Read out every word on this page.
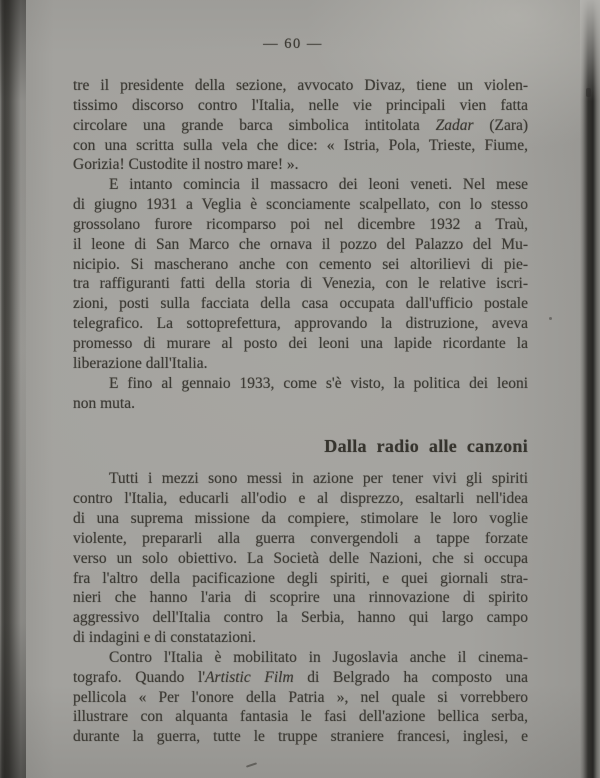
— 60 —
tre il presidente della sezione, avvocato Divaz, tiene un violen-
tissimo discorso contro l'Italia, nelle vie principali vien fatta
circolare una grande barca simbolica intitolata Zadar (Zara)
con una scritta sulla vela che dice: « Istria, Pola, Trieste, Fiume,
Gorizia! Custodite il nostro mare! ».
E intanto comincia il massacro dei leoni veneti. Nel mese
di giugno 1931 a Veglia è sconciamente scalpellato, con lo stesso
grossolano furore ricomparso poi nel dicembre 1932 a Traù,
il leone di San Marco che ornava il pozzo del Palazzo del Mu-
nicipio. Si mascherano anche con cemento sei altorilievi di pie-
tra raffiguranti fatti della storia di Venezia, con le relative iscri-
zioni, posti sulla facciata della casa occupata dall'ufficio postale
telegrafico. La sottoprefettura, approvando la distruzione, aveva
promesso di murare al posto dei leoni una lapide ricordante la
liberazione dall'Italia.
E fino al gennaio 1933, come s'è visto, la politica dei leoni
non muta.
Dalla radio alle canzoni
Tutti i mezzi sono messi in azione per tener vivi gli spiriti
contro l'Italia, educarli all'odio e al disprezzo, esaltarli nell'idea
di una suprema missione da compiere, stimolare le loro voglie
violente, prepararli alla guerra convergendoli a tappe forzate
verso un solo obiettivo. La Società delle Nazioni, che si occupa
fra l'altro della pacificazione degli spiriti, e quei giornali stra-
nieri che hanno l'aria di scoprire una rinnovazione di spirito
aggressivo dell'Italia contro la Serbia, hanno qui largo campo
di indagini e di constatazioni.
Contro l'Italia è mobilitato in Jugoslavia anche il cinema-
tografo. Quando l'Artistic Film di Belgrado ha composto una
pellicola « Per l'onore della Patria », nel quale si vorrebbero
illustrare con alquanta fantasia le fasi dell'azione bellica serba,
durante la guerra, tutte le truppe straniere francesi, inglesi, e
